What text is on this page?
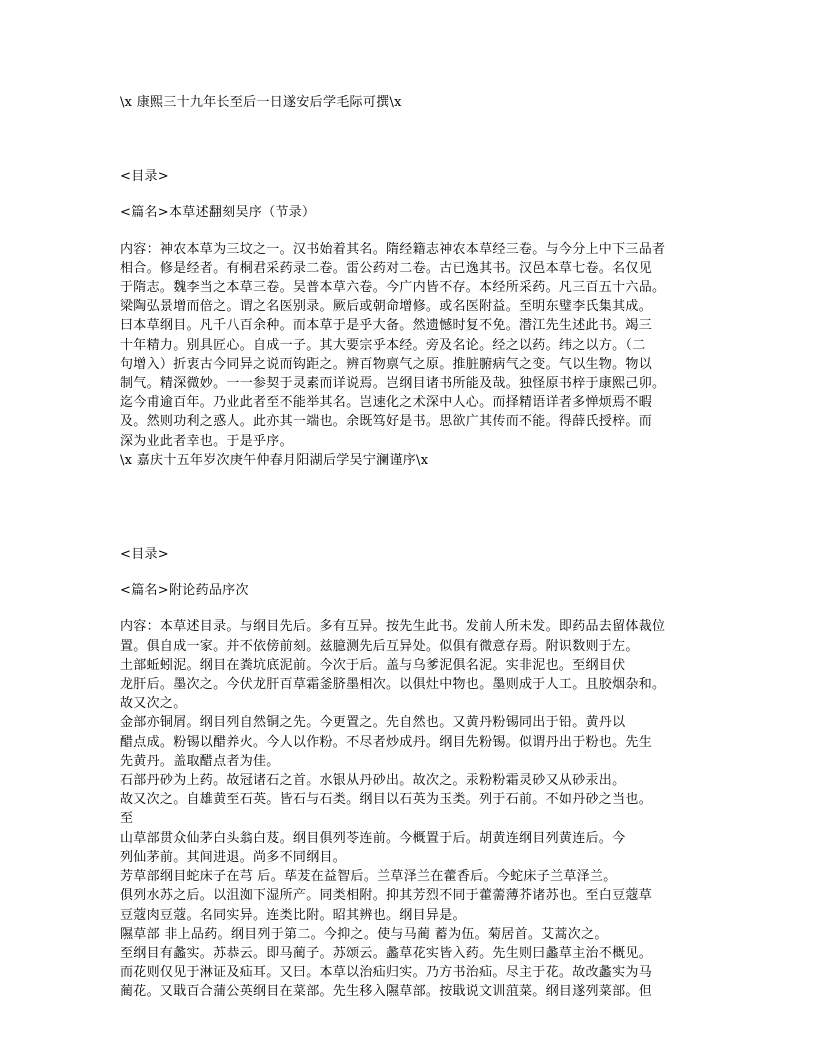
\x 康熙三十九年长至后一日遂安后学毛际可撰\x
<目录>
<篇名>本草述翻刻吴序（节录）
内容：神农本草为三坟之一。汉书始着其名。隋经籍志神农本草经三卷。与今分上中下三品者
相合。修是经者。有桐君采药录二卷。雷公药对二卷。古已逸其书。汉邑本草七卷。名仅见
于隋志。魏李当之本草三卷。吴普本草六卷。今广内皆不存。本经所采药。凡三百五十六品。
梁陶弘景增而倍之。谓之名医别录。厥后或朝命增修。或名医附益。至明东璧李氏集其成。
曰本草纲目。凡千八百余种。而本草于是乎大备。然遗憾时复不免。潜江先生述此书。竭三
十年精力。别具匠心。自成一子。其大要宗乎本经。旁及名论。经之以药。纬之以方。（二
句增入）折衷古今同异之说而钩距之。辨百物禀气之原。推脏腑病气之变。气以生物。物以
制气。精深微妙。一一参契于灵素而详说焉。岂纲目诸书所能及哉。独怪原书梓于康熙己卯。
迄今甫逾百年。乃业此者至不能举其名。岂速化之术深中人心。而择精语详者多惮烦焉不暇
及。然则功利之惑人。此亦其一端也。余既笃好是书。思欲广其传而不能。得薛氏授梓。而
深为业此者幸也。于是乎序。
\x 嘉庆十五年岁次庚午仲春月阳湖后学吴宁澜谨序\x
<目录>
<篇名>附论药品序次
内容：本草述目录。与纲目先后。多有互异。按先生此书。发前人所未发。即药品去留体裁位
置。俱自成一家。并不依傍前刻。兹臆测先后互异处。似俱有微意存焉。附识数则于左。
土部蚯蚓泥。纲目在粪坑底泥前。今次于后。盖与乌爹泥俱名泥。实非泥也。至纲目伏
龙肝后。墨次之。今伏龙肝百草霜釜脐墨相次。以俱灶中物也。墨则成于人工。且胶烟杂和。
故又次之。
金部亦铜屑。纲目列自然铜之先。今更置之。先自然也。又黄丹粉锡同出于铅。黄丹以
醋点成。粉锡以醋养火。今人以作粉。不尽者炒成丹。纲目先粉锡。似谓丹出于粉也。先生
先黄丹。盖取醋点者为佳。
石部丹砂为上药。故冠诸石之首。水银从丹砂出。故次之。汞粉粉霜灵砂又从砂汞出。
故又次之。自雄黄至石英。皆石与石类。纲目以石英为玉类。列于石前。不如丹砂之当也。
至
山草部贯众仙茅白头翁白芨。纲目俱列苓连前。今概置于后。胡黄连纲目列黄连后。今
列仙茅前。其间进退。尚多不同纲目。
芳草部纲目蛇床子在芎 后。荜茇在益智后。兰草泽兰在藿香后。今蛇床子兰草泽兰。
俱列水苏之后。以沮洳下湿所产。同类相附。抑其芳烈不同于藿薷薄芥诸苏也。至白豆蔻草
豆蔻肉豆蔻。名同实异。连类比附。昭其辨也。纲目异是。
隰草部 非上品药。纲目列于第二。今抑之。使与马蔺 蓄为伍。菊居首。艾蒿次之。
至纲目有蠡实。苏恭云。即马蔺子。苏颂云。蠡草花实皆入药。先生则曰蠡草主治不概见。
而花则仅见于淋证及疝耳。又曰。本草以治疝归实。乃方书治疝。尽主于花。故改蠡实为马
蔺花。又戢百合蒲公英纲目在菜部。先生移入隰草部。按戢说文训菹菜。纲目遂列菜部。但
